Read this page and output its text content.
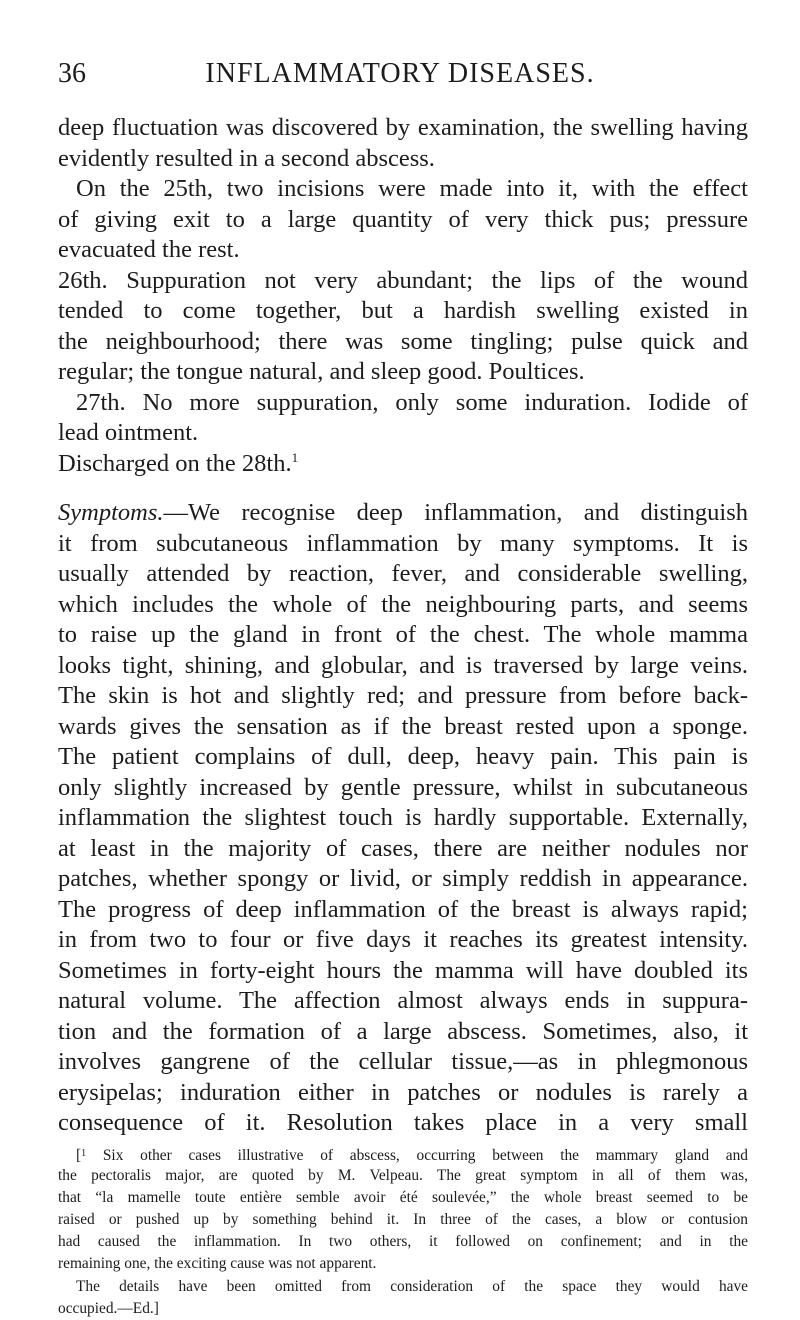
36	INFLAMMATORY DISEASES.
deep fluctuation was discovered by examination, the swelling having
evidently resulted in a second abscess.
On the 25th, two incisions were made into it, with the effect
of giving exit to a large quantity of very thick pus; pressure
evacuated the rest.
26th. Suppuration not very abundant; the lips of the wound
tended to come together, but a hardish swelling existed in
the neighbourhood; there was some tingling; pulse quick and
regular; the tongue natural, and sleep good. Poultices.
27th. No more suppuration, only some induration. Iodide of
lead ointment.
Discharged on the 28th.$^1$
Symptoms.—We recognise deep inflammation, and distinguish
it from subcutaneous inflammation by many symptoms. It is
usually attended by reaction, fever, and considerable swelling,
which includes the whole of the neighbouring parts, and seems
to raise up the gland in front of the chest. The whole mamma
looks tight, shining, and globular, and is traversed by large veins.
The skin is hot and slightly red; and pressure from before back-
wards gives the sensation as if the breast rested upon a sponge.
The patient complains of dull, deep, heavy pain. This pain is
only slightly increased by gentle pressure, whilst in subcutaneous
inflammation the slightest touch is hardly supportable. Externally,
at least in the majority of cases, there are neither nodules nor
patches, whether spongy or livid, or simply reddish in appearance.
The progress of deep inflammation of the breast is always rapid;
in from two to four or five days it reaches its greatest intensity.
Sometimes in forty-eight hours the mamma will have doubled its
natural volume. The affection almost always ends in suppura-
tion and the formation of a large abscess. Sometimes, also, it
involves gangrene of the cellular tissue,—as in phlegmonous
erysipelas; induration either in patches or nodules is rarely a
consequence of it. Resolution takes place in a very small
[$^1$ Six other cases illustrative of abscess, occurring between the mammary gland and
the pectoralis major, are quoted by M. Velpeau. The great symptom in all of them was,
that “la mamelle toute entière semble avoir été soulevée,” the whole breast seemed to be
raised or pushed up by something behind it. In three of the cases, a blow or contusion
had caused the inflammation. In two others, it followed on confinement; and in the
remaining one, the exciting cause was not apparent.
The details have been omitted from consideration of the space they would have
occupied.—Ed.]
